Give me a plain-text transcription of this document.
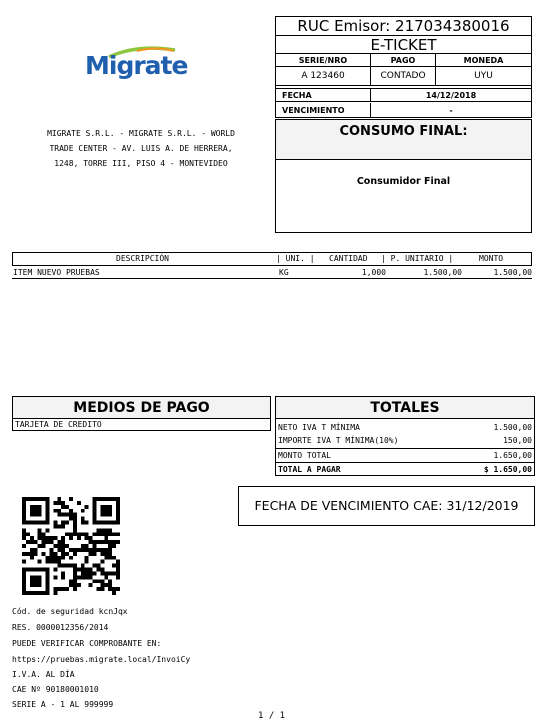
Migrate
RUC Emisor: 217034380016
E-TICKET
SERIE/NRO	PAGO	MONEDA
A 123460	CONTADO	UYU
FECHA	14/12/2018
VENCIMIENTO	-
MIGRATE S.R.L. - MIGRATE S.R.L. - WORLD
TRADE CENTER - AV. LUIS A. DE HERRERA,
1248, TORRE III, PISO 4 - MONTEVIDEO
CONSUMO FINAL:
Consumidor Final
DESCRIPCIÓN	| UNI. | CANTIDAD | P. UNITARIO |	MONTO
ITEM NUEVO PRUEBAS	KG	1,000	1.500,00	1.500,00
MEDIOS DE PAGO
TARJETA DE CREDITO
TOTALES
NETO IVA T MÍNIMA	1.500,00
IMPORTE IVA T MÍNIMA(10%)	150,00
MONTO TOTAL	1.650,00
TOTAL A PAGAR	$ 1.650,00
FECHA DE VENCIMIENTO CAE: 31/12/2019
Cód. de seguridad kcnJqx
RES. 0000012356/2014
PUEDE VERIFICAR COMPROBANTE EN:
https://pruebas.migrate.local/InvoiCy
I.V.A. AL DÍA
CAE Nº 90180001010
SERIE A - 1 AL 999999
1 / 1
